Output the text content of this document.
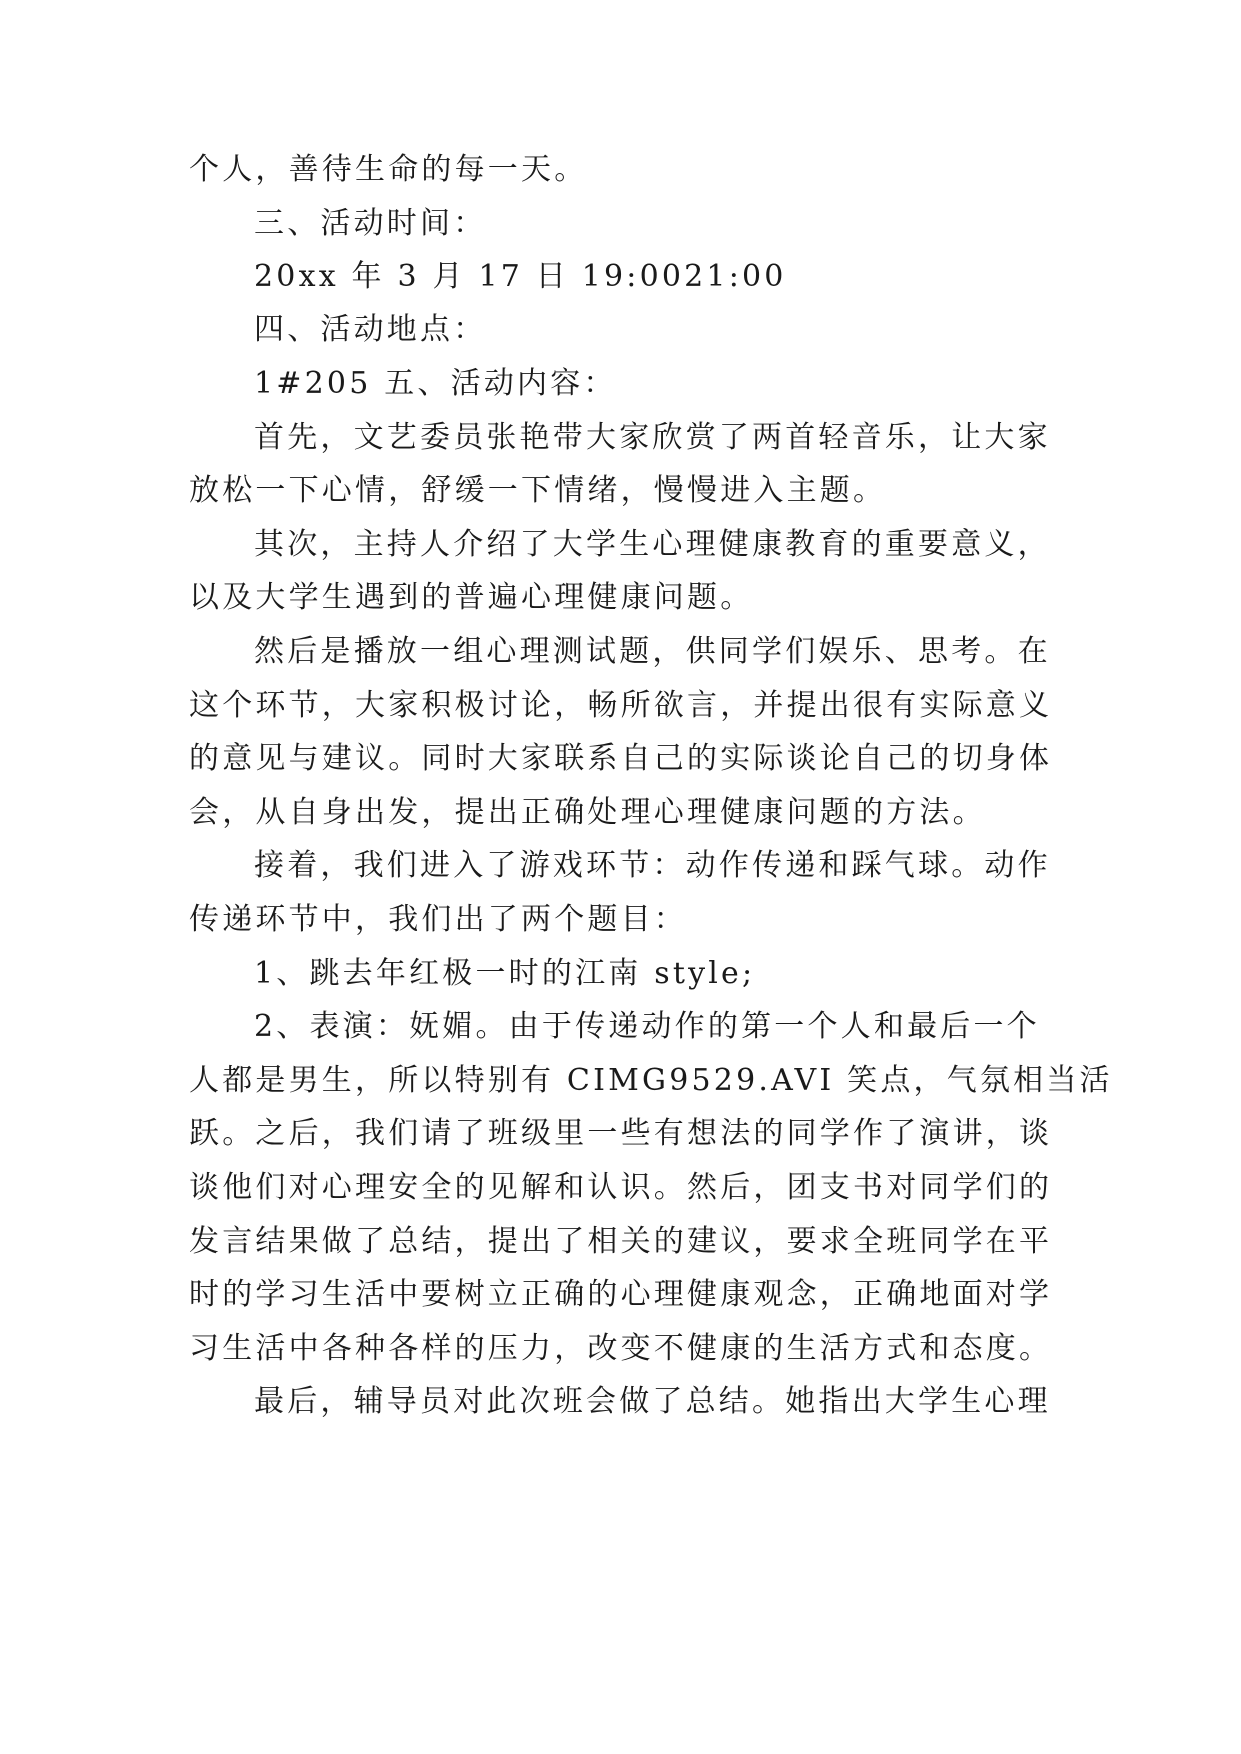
个人，善待生命的每一天。
三、活动时间：
20xx 年 3 月 17 日 19:0021:00
四、活动地点：
1#205 五、活动内容：
首先，文艺委员张艳带大家欣赏了两首轻音乐，让大家
放松一下心情，舒缓一下情绪，慢慢进入主题。
其次，主持人介绍了大学生心理健康教育的重要意义，
以及大学生遇到的普遍心理健康问题。
然后是播放一组心理测试题，供同学们娱乐、思考。在
这个环节，大家积极讨论，畅所欲言，并提出很有实际意义
的意见与建议。同时大家联系自己的实际谈论自己的切身体
会，从自身出发，提出正确处理心理健康问题的方法。
接着，我们进入了游戏环节：动作传递和踩气球。动作
传递环节中，我们出了两个题目：
1、跳去年红极一时的江南 style;
2、表演：妩媚。由于传递动作的第一个人和最后一个
人都是男生，所以特别有 CIMG9529.AVI 笑点，气氛相当活
跃。之后，我们请了班级里一些有想法的同学作了演讲，谈
谈他们对心理安全的见解和认识。然后，团支书对同学们的
发言结果做了总结，提出了相关的建议，要求全班同学在平
时的学习生活中要树立正确的心理健康观念，正确地面对学
习生活中各种各样的压力，改变不健康的生活方式和态度。
最后，辅导员对此次班会做了总结。她指出大学生心理
